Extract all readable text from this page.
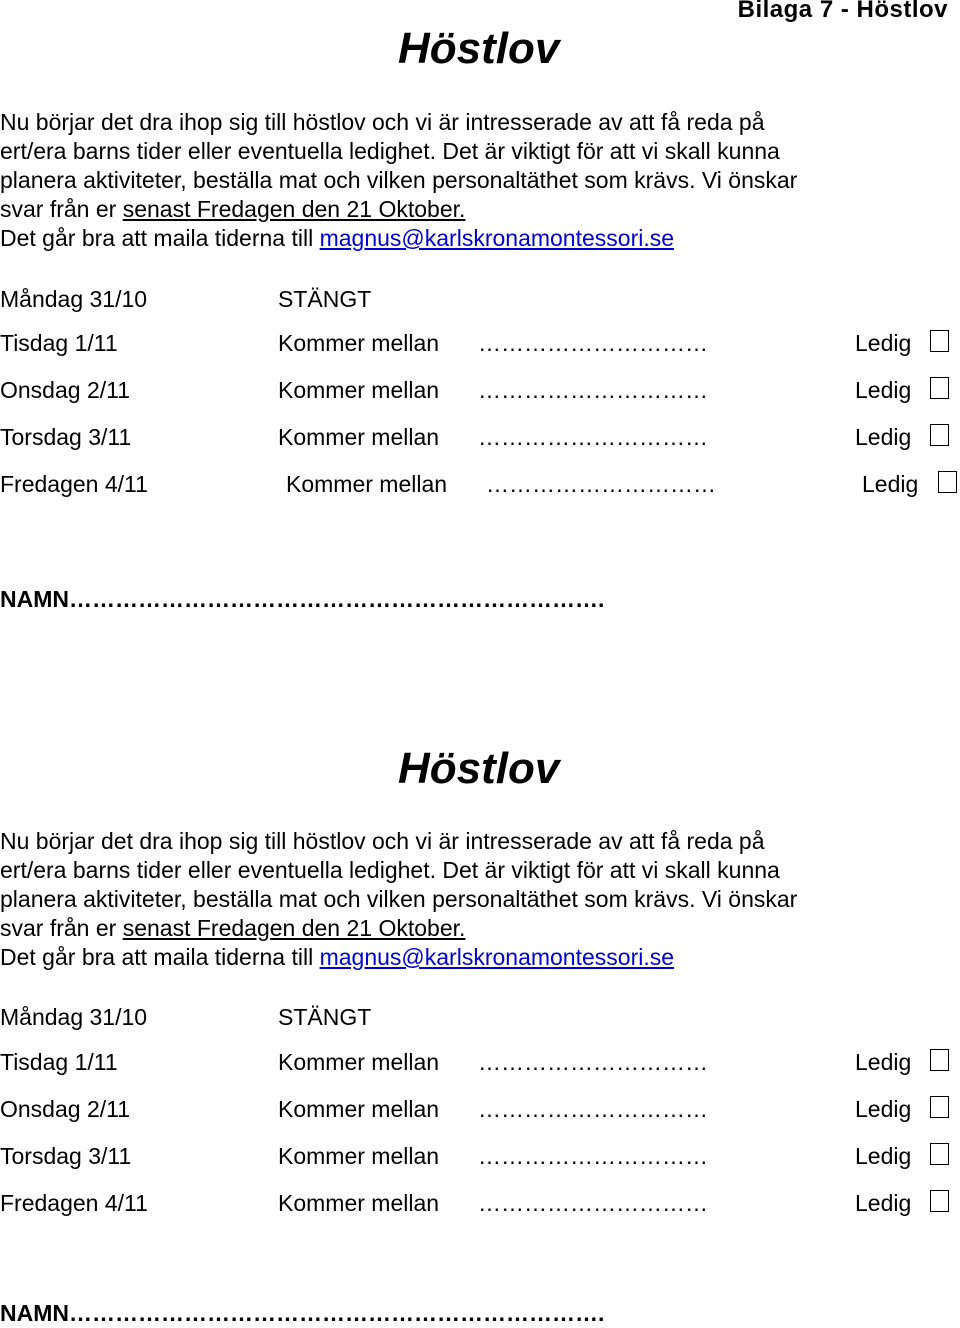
Bilaga 7 - Höstlov
Höstlov
Nu börjar det dra ihop sig till höstlov och vi är intresserade av att få reda på
ert/era barns tider eller eventuella ledighet. Det är viktigt för att vi skall kunna
planera aktiviteter, beställa mat och vilken personaltäthet som krävs. Vi önskar
svar från er senast Fredagen den 21 Oktober.
Det går bra att maila tiderna till magnus@karlskronamontessori.se
Måndag 31/10	STÄNGT
Tisdag 1/11	Kommer mellan …………………………	Ledig
Onsdag 2/11	Kommer mellan …………………………	Ledig
Torsdag 3/11	Kommer mellan …………………………	Ledig
Fredagen 4/11	Kommer mellan …………………………	Ledig
NAMN…………………………………………………………….
Höstlov
Nu börjar det dra ihop sig till höstlov och vi är intresserade av att få reda på
ert/era barns tider eller eventuella ledighet. Det är viktigt för att vi skall kunna
planera aktiviteter, beställa mat och vilken personaltäthet som krävs. Vi önskar
svar från er senast Fredagen den 21 Oktober.
Det går bra att maila tiderna till magnus@karlskronamontessori.se
Måndag 31/10	STÄNGT
Tisdag 1/11	Kommer mellan …………………………	Ledig
Onsdag 2/11	Kommer mellan …………………………	Ledig
Torsdag 3/11	Kommer mellan …………………………	Ledig
Fredagen 4/11	Kommer mellan …………………………	Ledig
NAMN…………………………………………………………….
